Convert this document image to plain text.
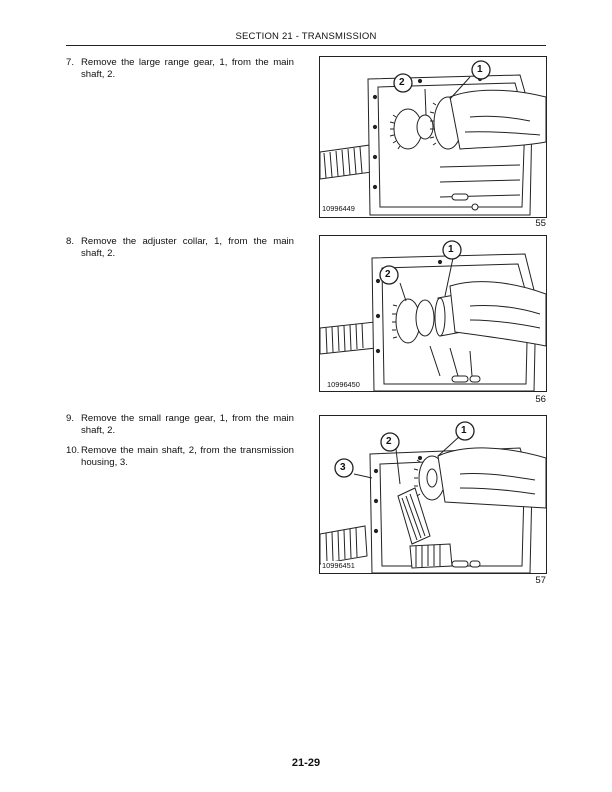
SECTION 21 - TRANSMISSION
7. Remove the large range gear, 1, from the main shaft, 2.
2
1
10996449
55
8. Remove the adjuster collar, 1, from the main shaft, 2.
2
1
10996450
56
9. Remove the small range gear, 1, from the main shaft, 2.
10. Remove the main shaft, 2, from the transmission housing, 3.
2
1
3
10996451
57
21-29
